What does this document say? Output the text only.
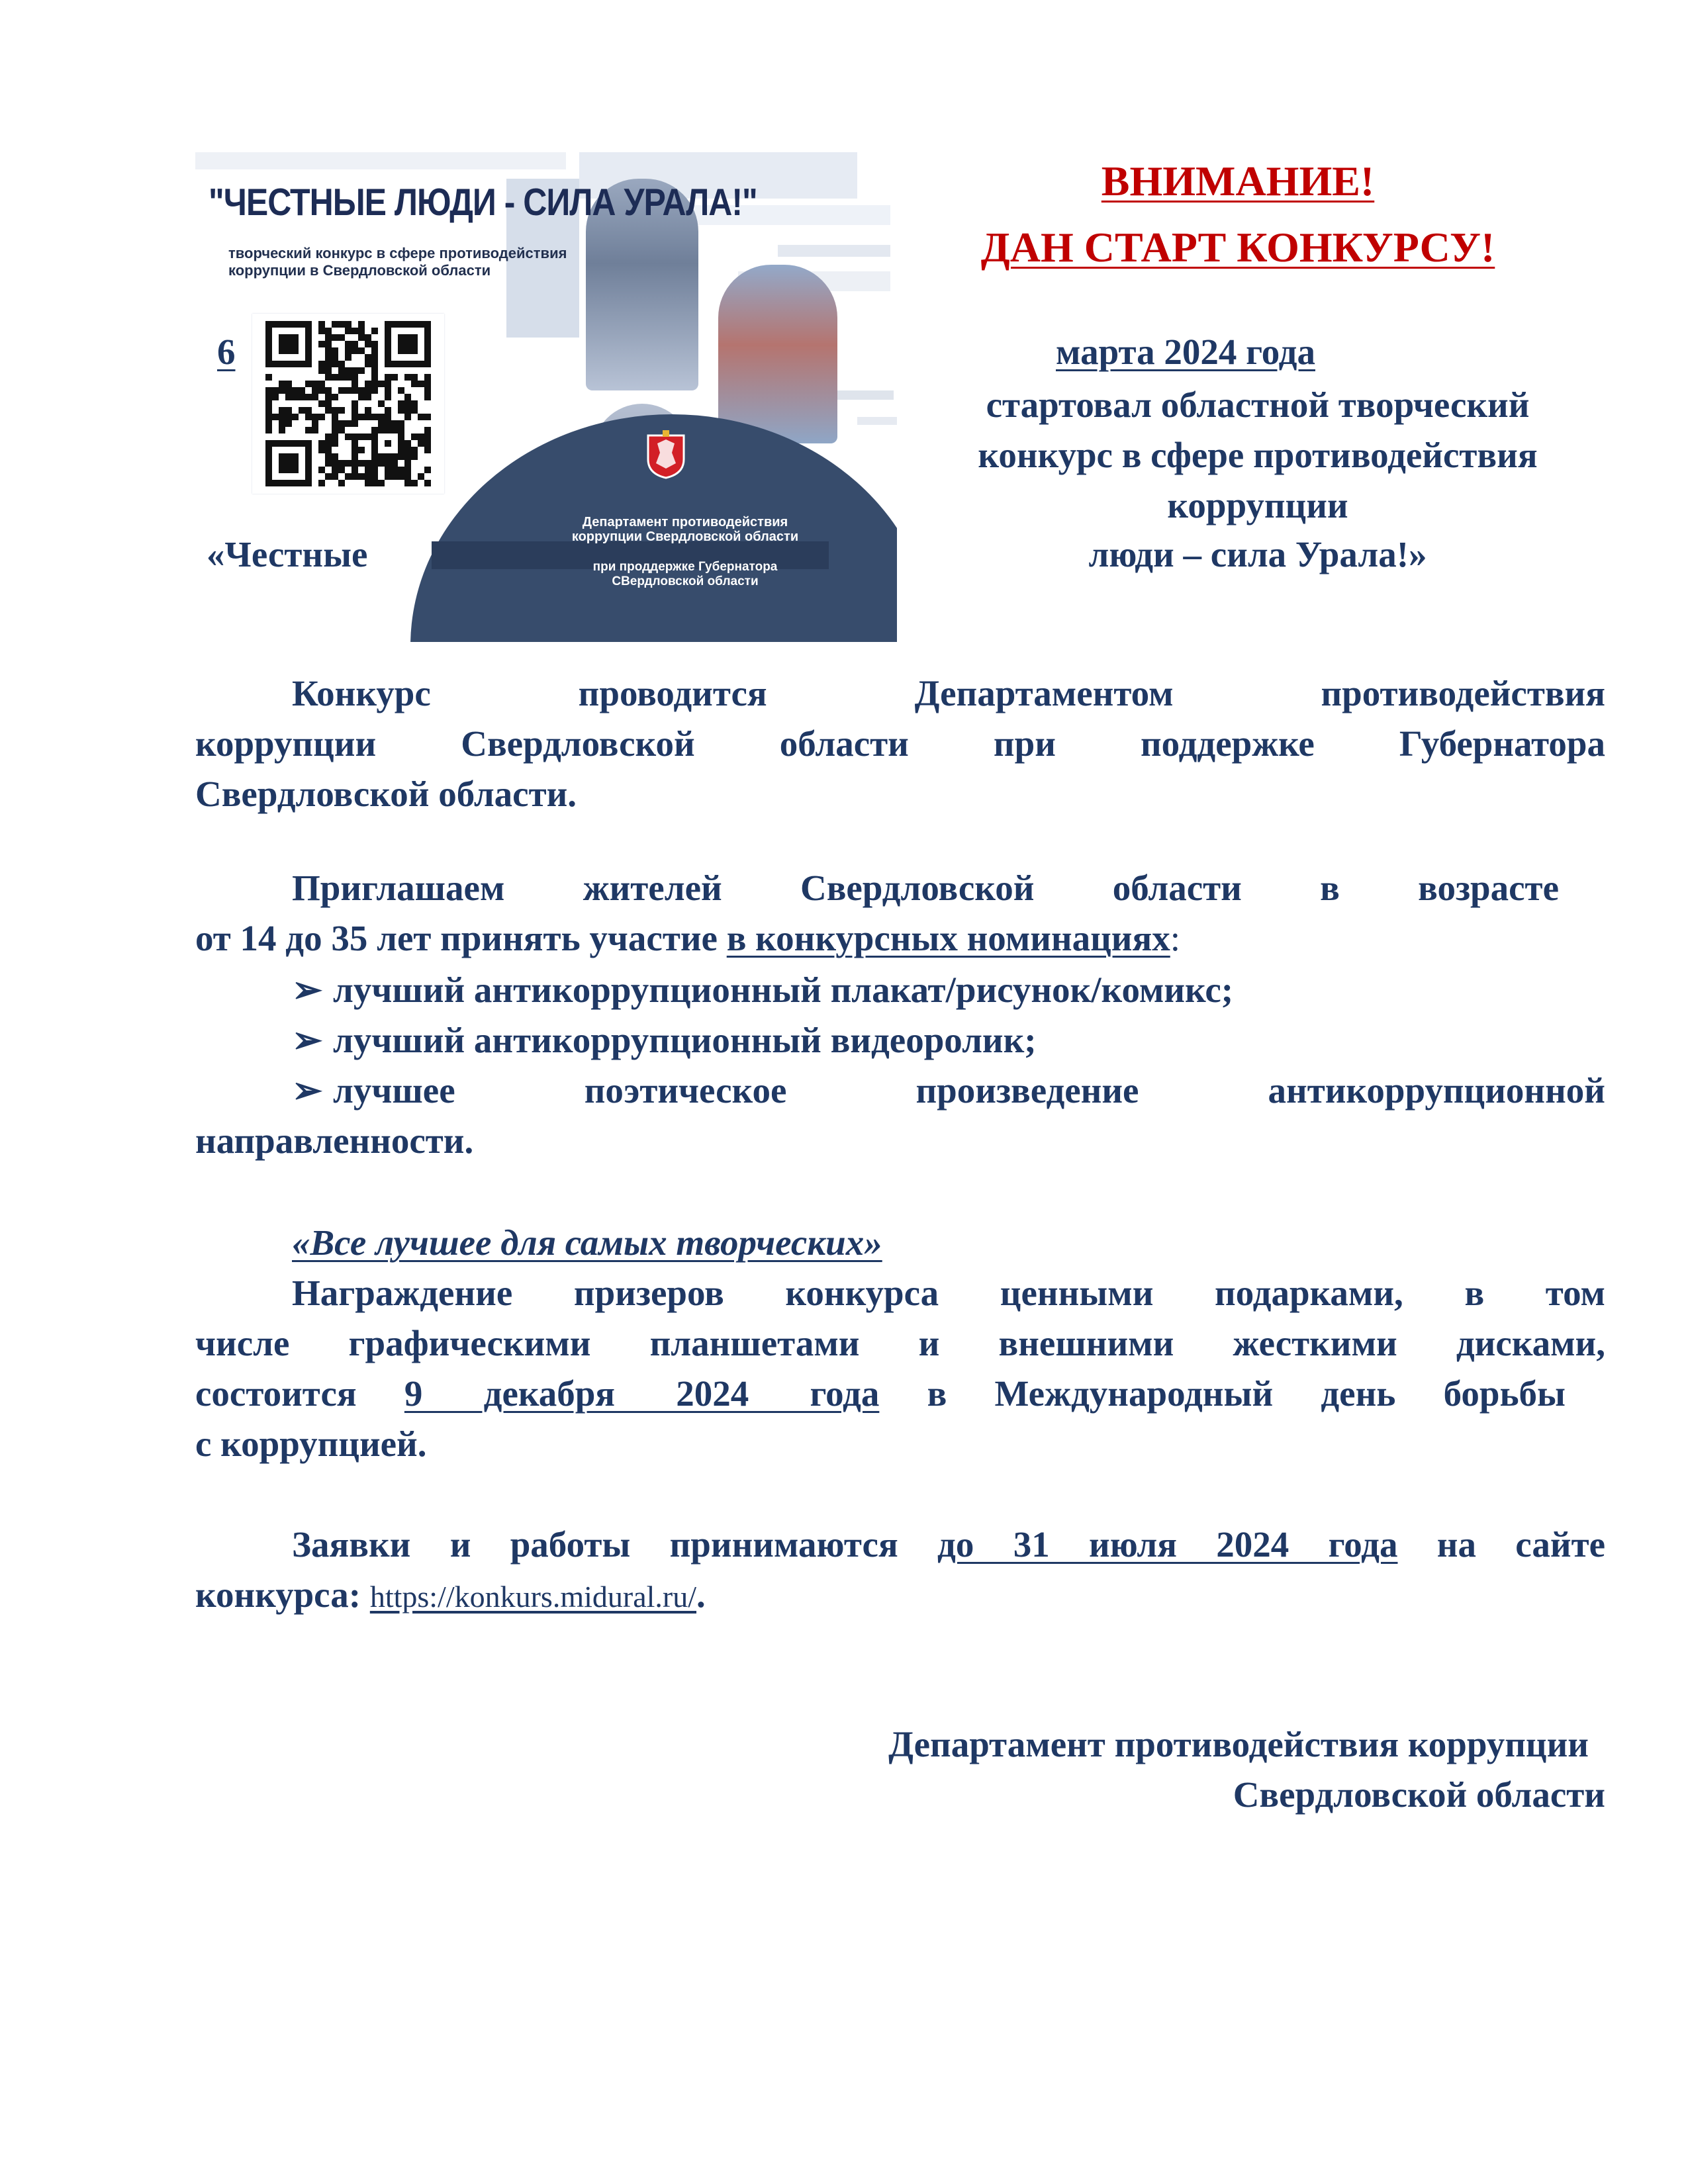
"ЧЕСТНЫЕ ЛЮДИ - СИЛА УРАЛА!"
творческий конкурс в сфере противодействия
коррупции в Свердловской области
Департамент противодействия
коррупции Свердловской области
при проддержке Губернатора
СВердловской области
ВНИМАНИЕ!
ДАН СТАРТ КОНКУРСУ!
6	марта 2024 года
стартовал областной творческий
конкурс в сфере противодействия
коррупции
«Честные	люди – сила Урала!»
Конкурс проводится Департаментом противодействия
коррупции Свердловской области при поддержке Губернатора
Свердловской области.
Приглашаем жителей Свердловской области в возрасте
от 14 до 35 лет принять участие в конкурсных номинациях:
➢ лучший антикоррупционный плакат/рисунок/комикс;
➢ лучший антикоррупционный видеоролик;
➢ лучшее поэтическое произведение антикоррупционной
направленности.
«Все лучшее для самых творческих»
Награждение призеров конкурса ценными подарками, в том
числе графическими планшетами и внешними жесткими дисками,
состоится 9 декабря 2024 года в Международный день борьбы
с коррупцией.
Заявки и работы принимаются до 31 июля 2024 года на сайте
конкурса: https://konkurs.midural.ru/.
Департамент противодействия коррупции
Свердловской области
